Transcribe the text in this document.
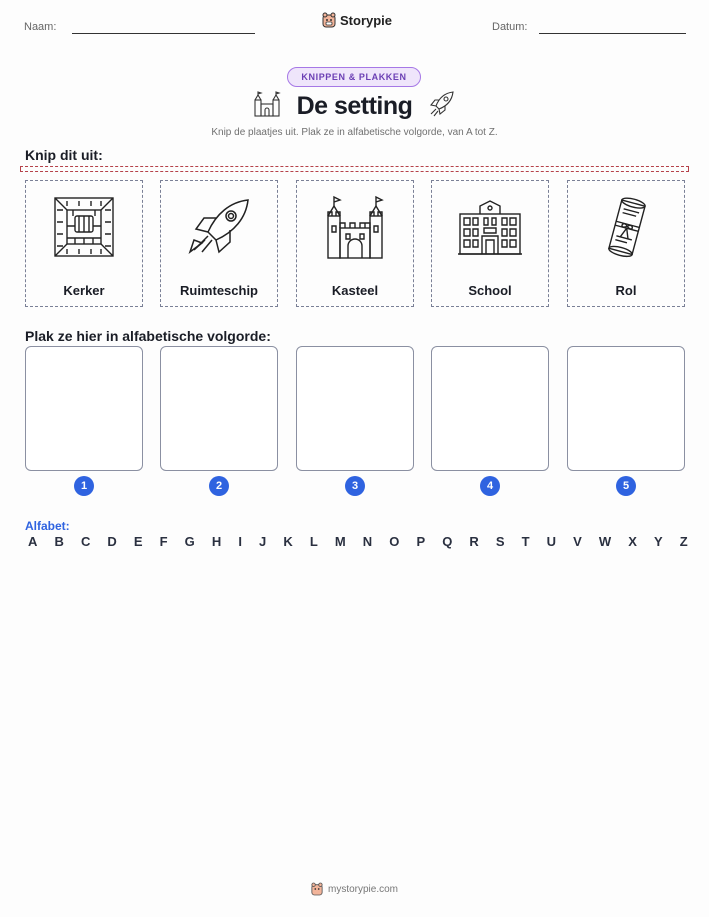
Naam:	Storypie	Datum:
KNIPPEN & PLAKKEN
De setting
Knip de plaatjes uit. Plak ze in alfabetische volgorde, van A tot Z.
Knip dit uit:
Kerker	Ruimteschip	Kasteel	School	Rol
Plak ze hier in alfabetische volgorde:
1	2	3	4	5
Alfabet:
A B C D E F G H I J K L M N O P Q R S T U V W X Y Z
mystorypie.com
